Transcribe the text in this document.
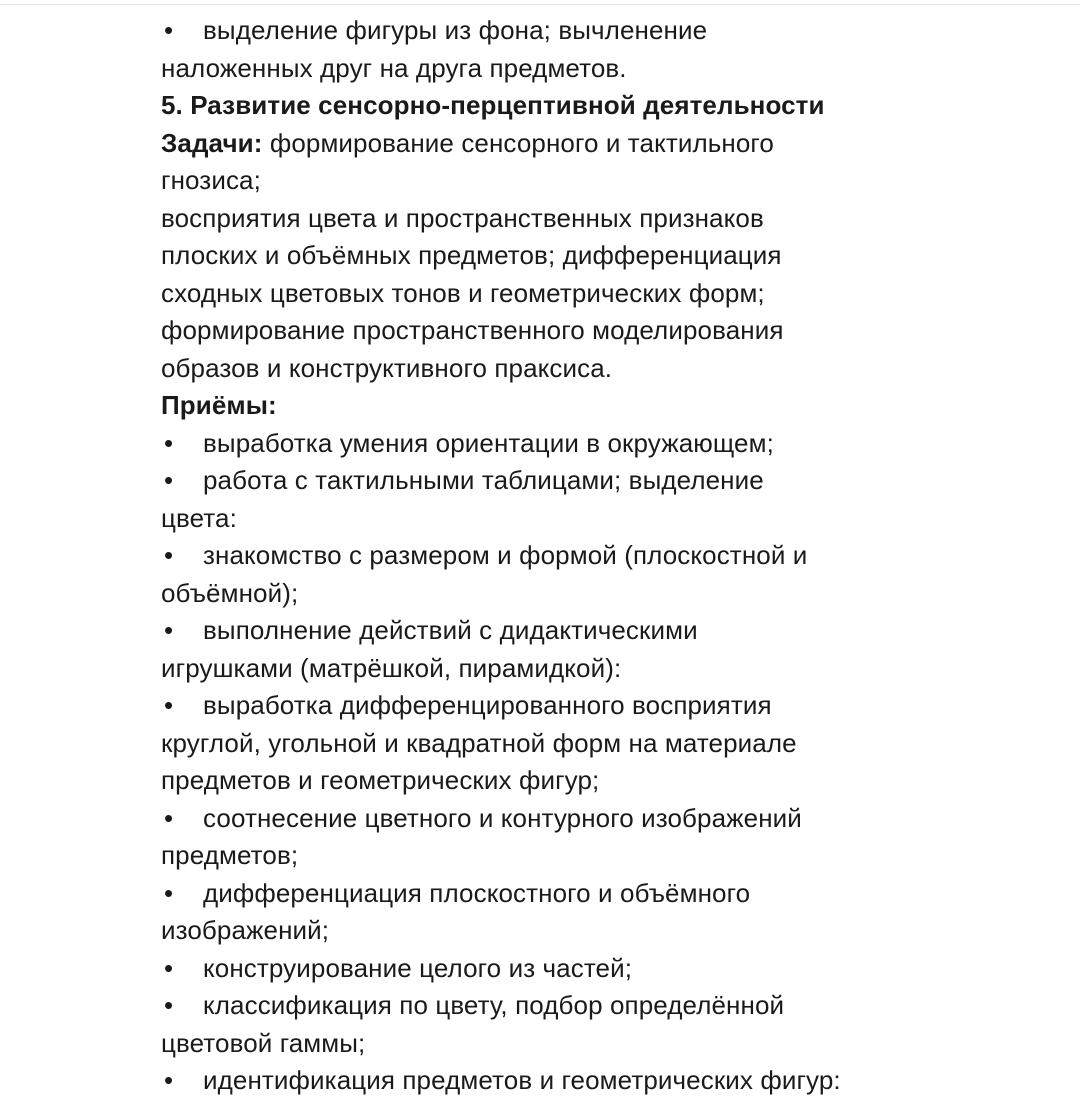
• выделение фигуры из фона; вычленение
наложенных друг на друга предметов.
5. Развитие сенсорно-перцептивной деятельности
Задачи: формирование сенсорного и тактильного
гнозиса;
восприятия цвета и пространственных признаков
плоских и объёмных предметов; дифференциация
сходных цветовых тонов и геометрических форм;
формирование пространственного моделирования
образов и конструктивного праксиса.
Приёмы:
• выработка умения ориентации в окружающем;
• работа с тактильными таблицами; выделение
цвета:
• знакомство с размером и формой (плоскостной и
объёмной);
• выполнение действий с дидактическими
игрушками (матрёшкой, пирамидкой):
• выработка дифференцированного восприятия
круглой, угольной и квадратной форм на материале
предметов и геометрических фигур;
• соотнесение цветного и контурного изображений
предметов;
• дифференциация плоскостного и объёмного
изображений;
• конструирование целого из частей;
• классификация по цвету, подбор определённой
цветовой гаммы;
• идентификация предметов и геометрических фигур:
